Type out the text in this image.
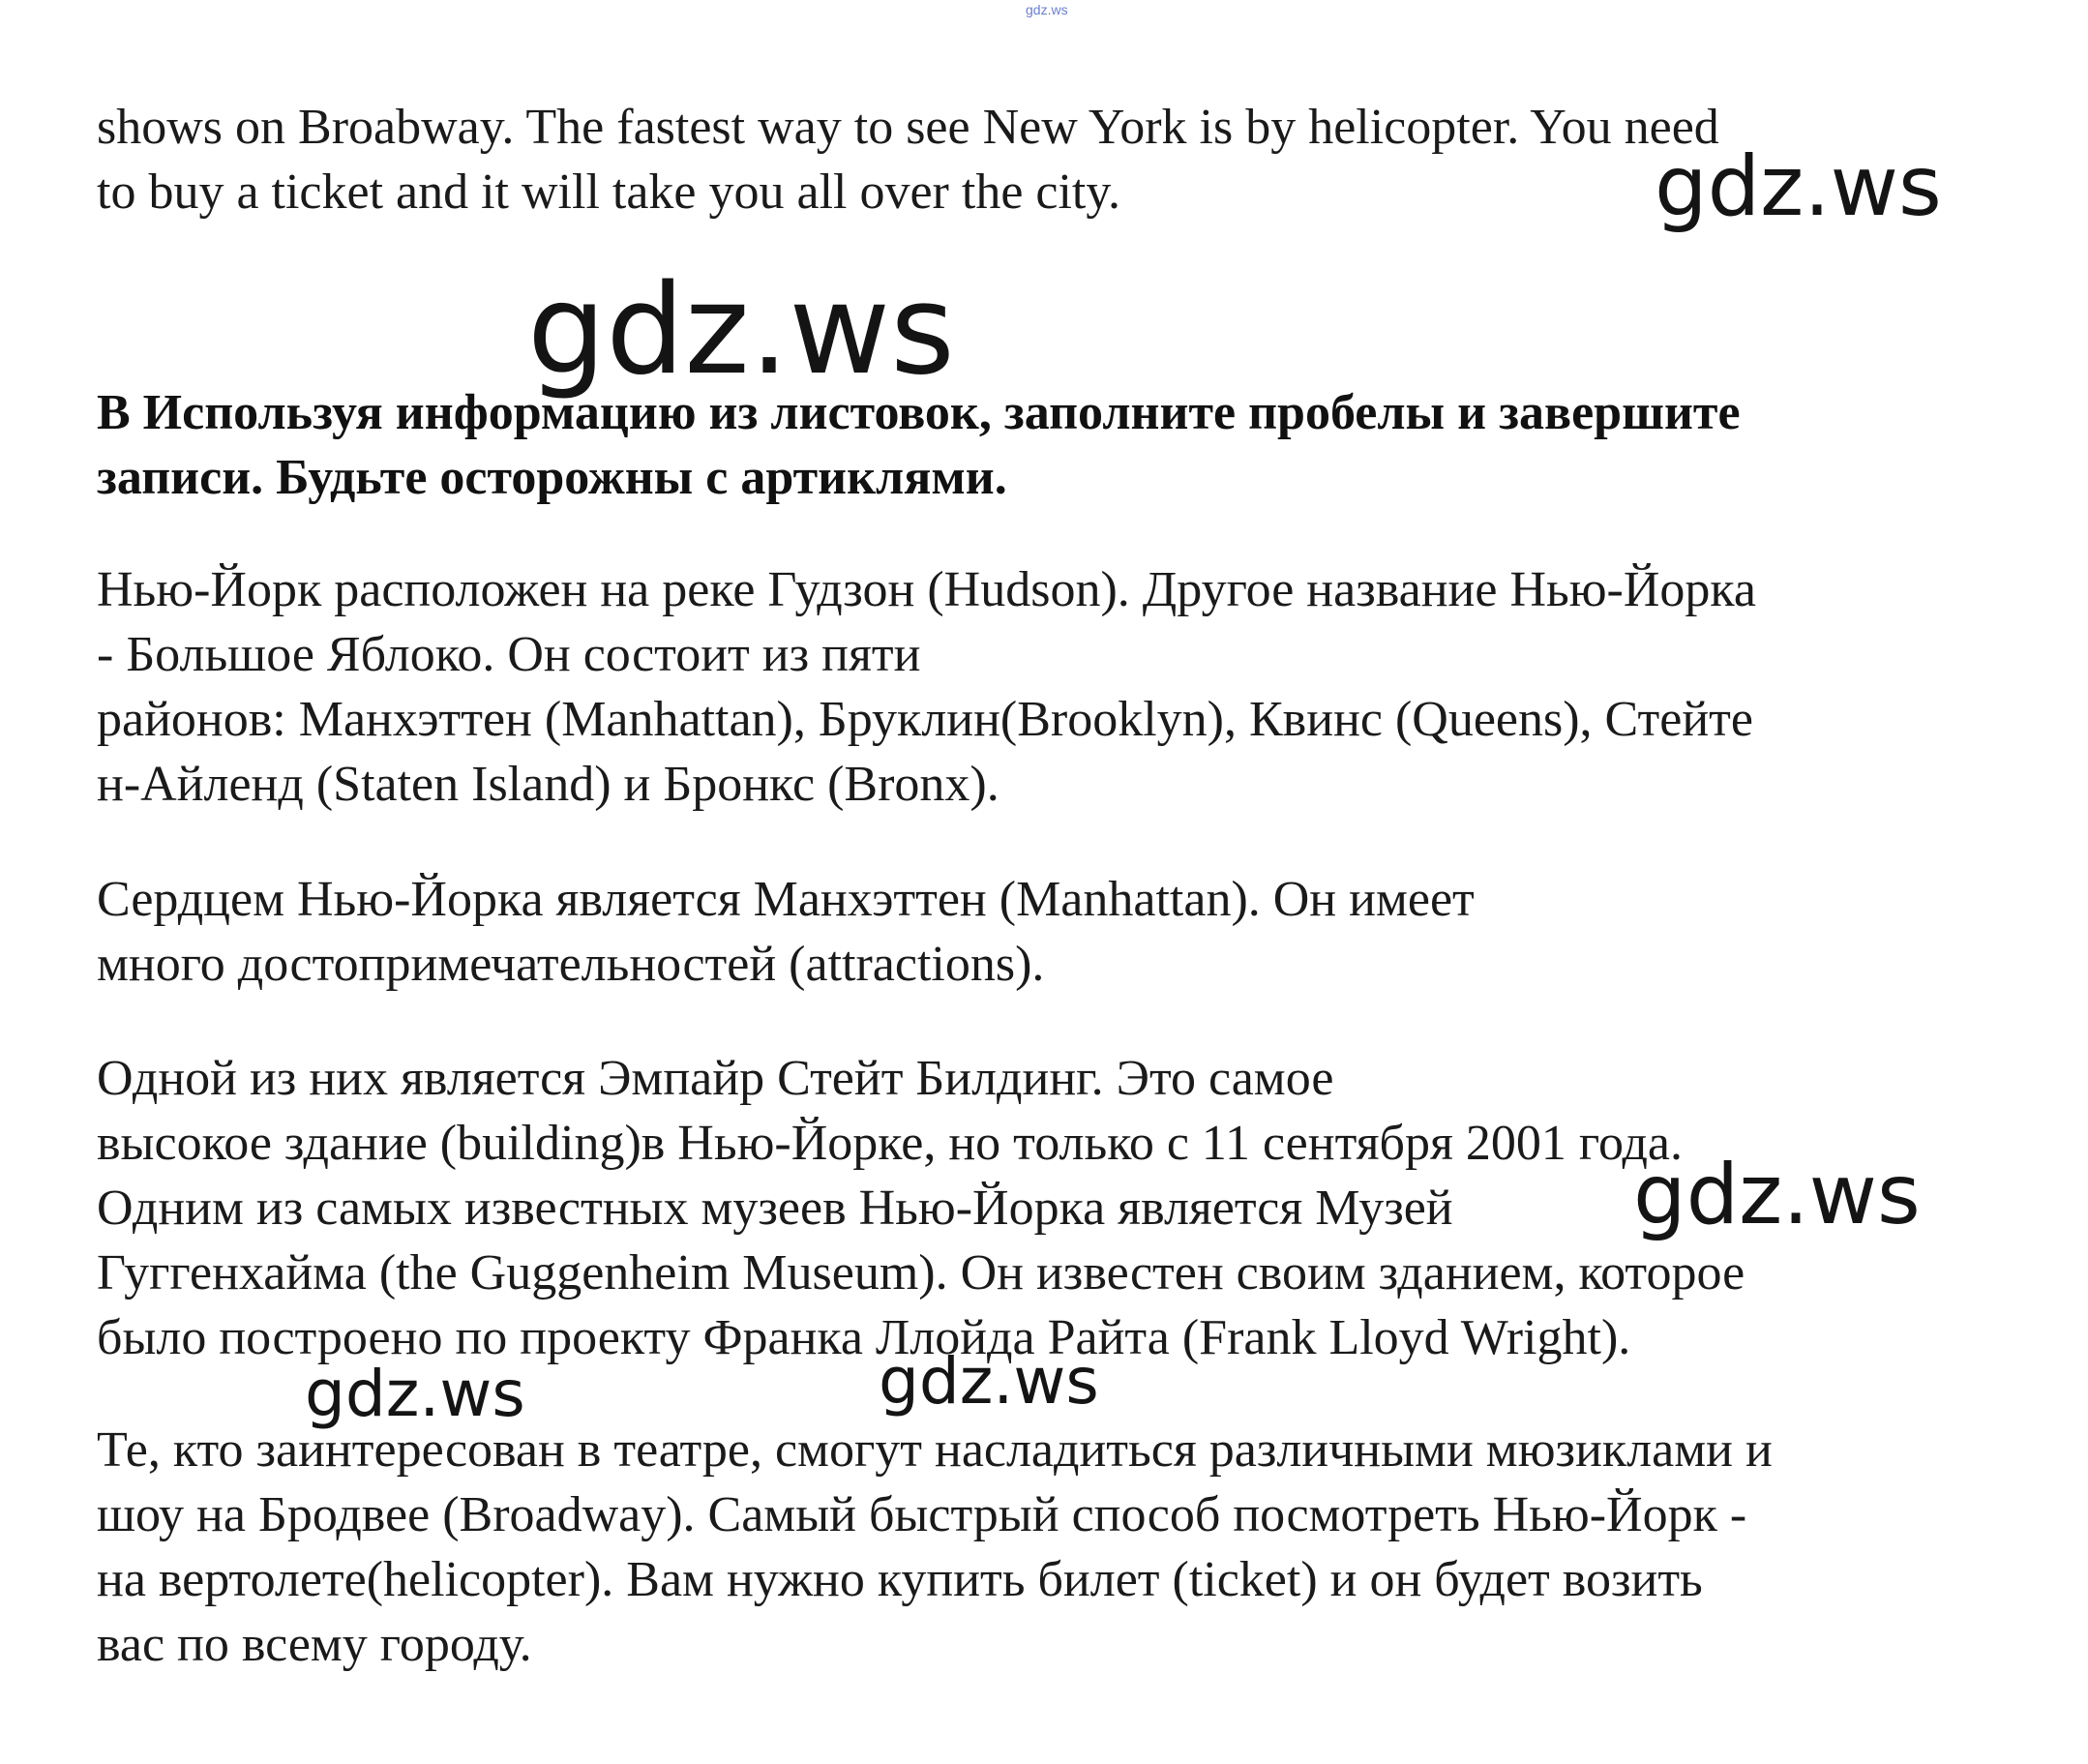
gdz.ws
shows on Broabway. The fastest way to see New York is by helicopter. You need
to buy a ticket and it will take you all over the city.
В Используя информацию из листовок, заполните пробелы и завершите
записи. Будьте осторожны с артиклями.
Нью-Йорк расположен на реке Гудзон (Hudson). Другое название Нью-Йорка
- Большое Яблоко. Он состоит из пяти
районов: Манхэттен (Manhattan), Бруклин(Brooklyn), Квинс (Queens), Стейте
н-Айленд (Staten Island) и Бронкс (Bronx).
Сердцем Нью-Йорка является Манхэттен (Manhattan). Он имеет
много достопримечательностей (attractions).
Одной из них является Эмпайр Стейт Билдинг. Это самое
высокое здание (building)в Нью-Йорке, но только с 11 сентября 2001 года.
Одним из самых известных музеев Нью-Йорка является Музей
Гуггенхайма (the Guggenheim Museum). Он известен своим зданием, которое
было построено по проекту Франка Ллойда Райта (Frank Lloyd Wright).
Те, кто заинтересован в театре, смогут насладиться различными мюзиклами и
шоу на Бродвее (Broadway). Самый быстрый способ посмотреть Нью-Йорк -
на вертолете(helicopter). Вам нужно купить билет (ticket) и он будет возить
вас по всему городу.
gdz.ws
gdz.ws
gdz.ws
gdz.ws	gdz.ws
